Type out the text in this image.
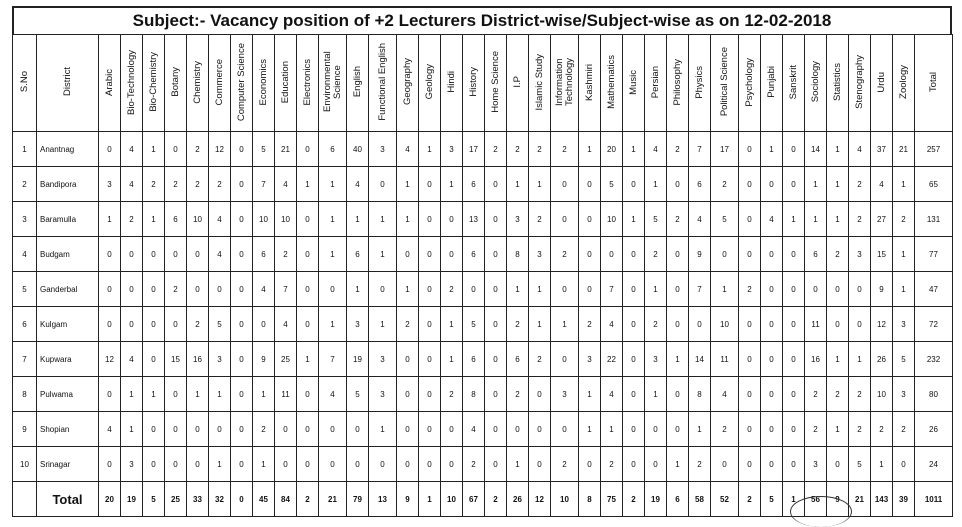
Subject:- Vacancy position of +2 Lecturers District-wise/Subject-wise as on 12-02-2018
S.No	District	Arabic	Bio-Technology	Bio-Chemistry	Botany	Chemistry	Commerce	Computer Science	Economics	Education	Electronics	Environmental Science	English	Functional English	Geography	Geology	Hindi	History	Home Science	I.P	Islamic Study	Information Technology	Kashmiri	Mathematics	Music	Persian	Philosophy	Physics	Political Science	Psychology	Punjabi	Sanskrit	Sociology	Statistics	Stenography	Urdu	Zoology	Total
1	Anantnag	0	4	1	0	2	12	0	5	21	0	6	40	3	4	1	3	17	2	2	2	2	1	20	1	4	2	7	17	0	1	0	14	1	4	37	21	257
2	Bandipora	3	4	2	2	2	2	0	7	4	1	1	4	0	1	0	1	6	0	1	1	0	0	5	0	1	0	6	2	0	0	0	1	1	2	4	1	65
3	Baramulla	1	2	1	6	10	4	0	10	10	0	1	1	1	1	0	0	13	0	3	2	0	0	10	1	5	2	4	5	0	4	1	1	1	2	27	2	131
4	Budgam	0	0	0	0	0	4	0	6	2	0	1	6	1	0	0	0	6	0	8	3	2	0	0	0	2	0	9	0	0	0	0	6	2	3	15	1	77
5	Ganderbal	0	0	0	2	0	0	0	4	7	0	0	1	0	1	0	2	0	0	1	1	0	0	7	0	1	0	7	1	2	0	0	0	0	0	9	1	47
6	Kulgam	0	0	0	0	2	5	0	0	4	0	1	3	1	2	0	1	5	0	2	1	1	2	4	0	2	0	0	10	0	0	0	11	0	0	12	3	72
7	Kupwara	12	4	0	15	16	3	0	9	25	1	7	19	3	0	0	1	6	0	6	2	0	3	22	0	3	1	14	11	0	0	0	16	1	1	26	5	232
8	Pulwama	0	1	1	0	1	1	0	1	11	0	4	5	3	0	0	2	8	0	2	0	3	1	4	0	1	0	8	4	0	0	0	2	2	2	10	3	80
9	Shopian	4	1	0	0	0	0	0	2	0	0	0	0	1	0	0	0	4	0	0	0	0	1	1	0	0	0	1	2	0	0	0	2	1	2	2	2	26
10	Srinagar	0	3	0	0	0	1	0	1	0	0	0	0	0	0	0	0	2	0	1	0	2	0	2	0	0	1	2	0	0	0	0	3	0	5	1	0	24
	Total	20	19	5	25	33	32	0	45	84	2	21	79	13	9	1	10	67	2	26	12	10	8	75	2	19	6	58	52	2	5	1	56	9	21	143	39	1011
